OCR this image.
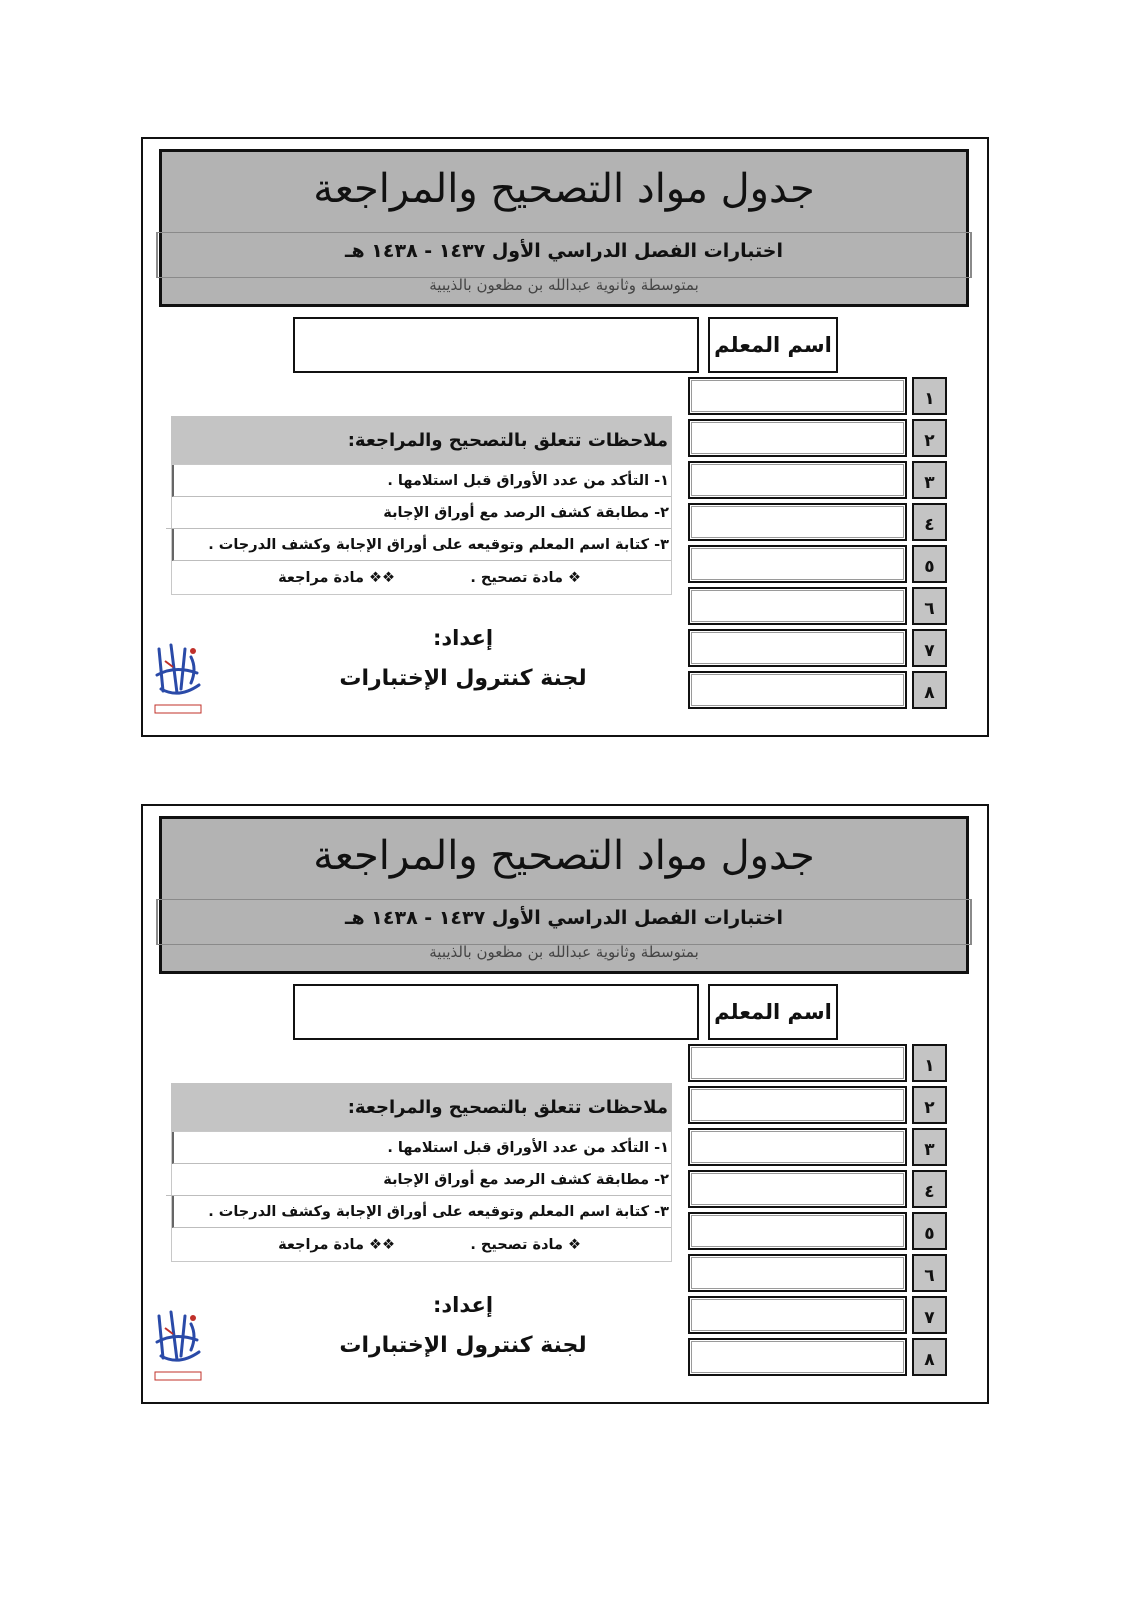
جدول مواد التصحيح والمراجعة
اختبارات الفصل الدراسي الأول ١٤٣٧ - ١٤٣٨ هـ
بمتوسطة وثانوية عبدالله بن مظعون بالذيبية
اسم المعلم
ملاحظات تتعلق بالتصحيح والمراجعة:
١- التأكد من عدد الأوراق قبل استلامها .
٢- مطابقة كشف الرصد مع أوراق الإجابة
٣- كتابة اسم المعلم وتوقيعه على أوراق الإجابة وكشف الدرجات .
❖ مادة تصحيح .
❖❖ مادة مراجعة
إعداد:
لجنة كنترول الإختبارات
١
٢
٣
٤
٥
٦
٧
٨
جدول مواد التصحيح والمراجعة
اختبارات الفصل الدراسي الأول ١٤٣٧ - ١٤٣٨ هـ
بمتوسطة وثانوية عبدالله بن مظعون بالذيبية
اسم المعلم
ملاحظات تتعلق بالتصحيح والمراجعة:
١- التأكد من عدد الأوراق قبل استلامها .
٢- مطابقة كشف الرصد مع أوراق الإجابة
٣- كتابة اسم المعلم وتوقيعه على أوراق الإجابة وكشف الدرجات .
❖ مادة تصحيح .
❖❖ مادة مراجعة
إعداد:
لجنة كنترول الإختبارات
١
٢
٣
٤
٥
٦
٧
٨
